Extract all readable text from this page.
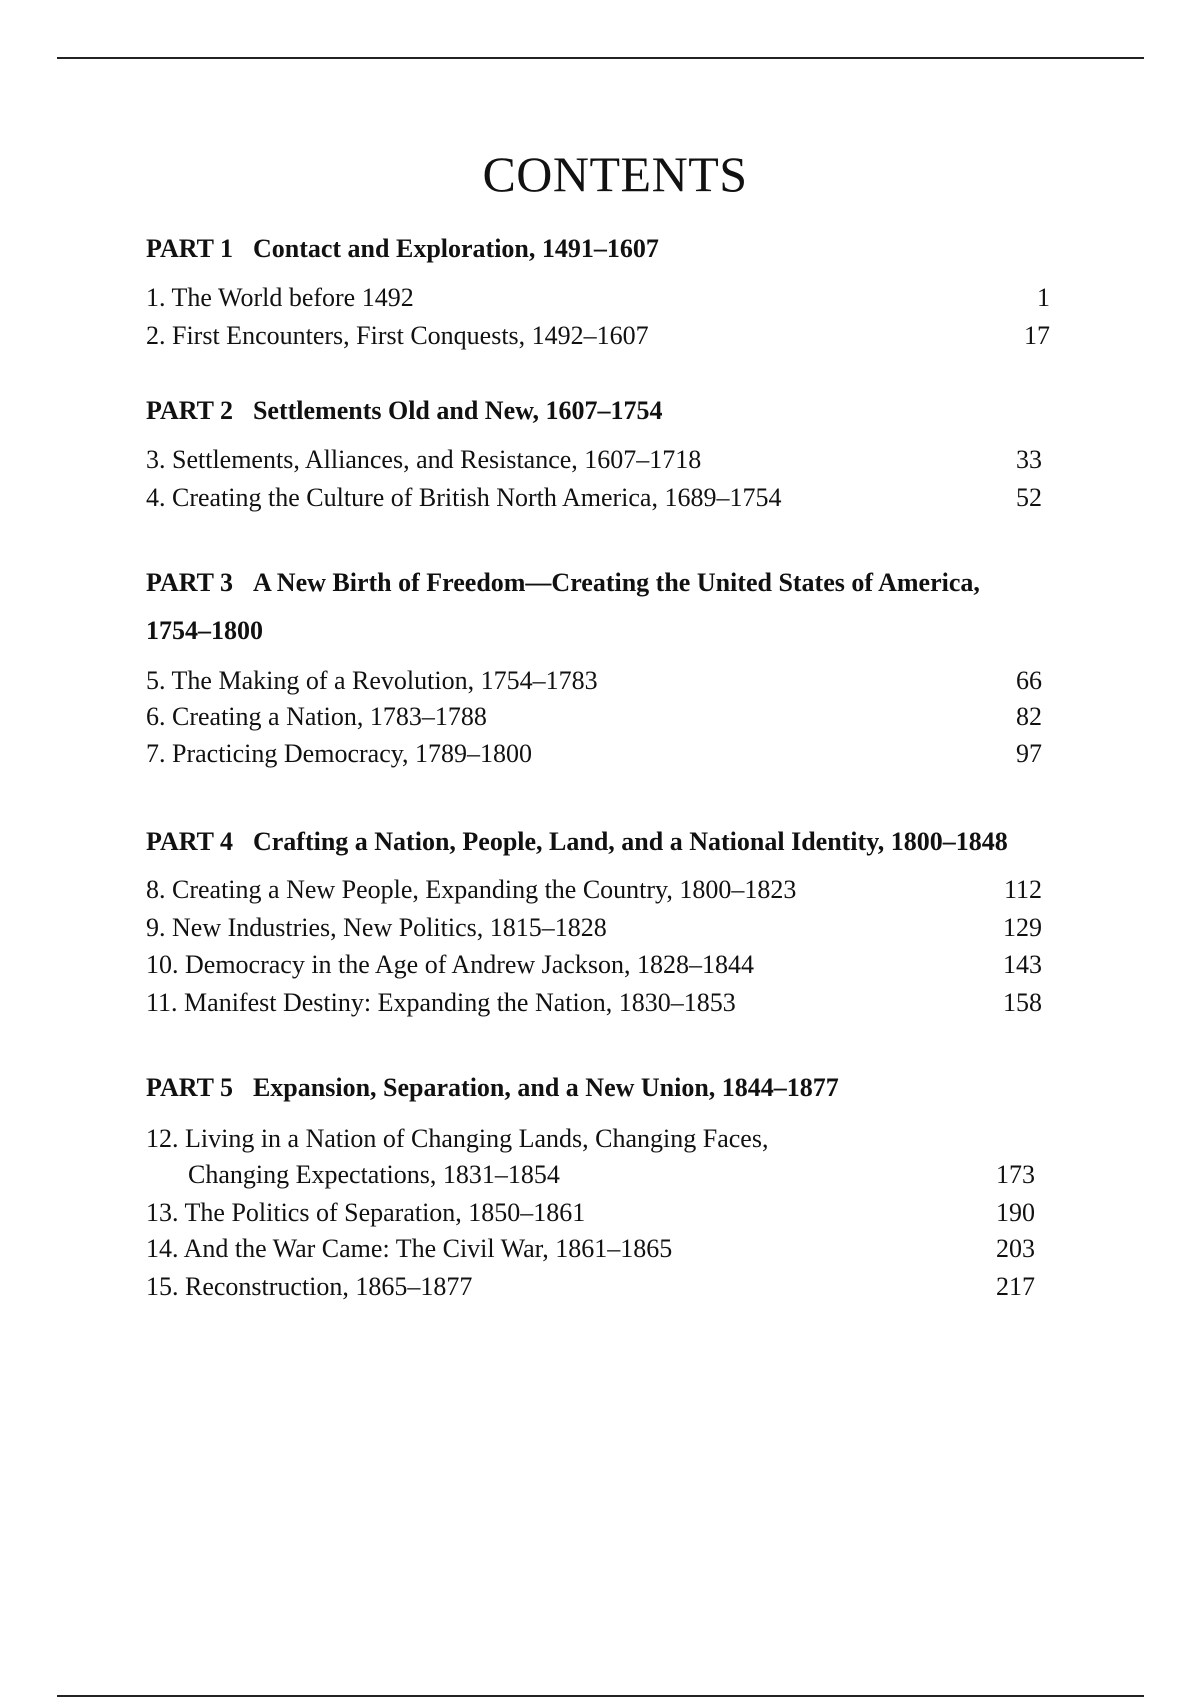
CONTENTS
PART 1 Contact and Exploration, 1491–1607
1. The World before 1492	1
2. First Encounters, First Conquests, 1492–1607	17
PART 2 Settlements Old and New, 1607–1754
3. Settlements, Alliances, and Resistance, 1607–1718	33
4. Creating the Culture of British North America, 1689–1754	52
PART 3 A New Birth of Freedom—Creating the United States of America,
1754–1800
5. The Making of a Revolution, 1754–1783	66
6. Creating a Nation, 1783–1788	82
7. Practicing Democracy, 1789–1800	97
PART 4 Crafting a Nation, People, Land, and a National Identity, 1800–1848
8. Creating a New People, Expanding the Country, 1800–1823	112
9. New Industries, New Politics, 1815–1828	129
10. Democracy in the Age of Andrew Jackson, 1828–1844	143
11. Manifest Destiny: Expanding the Nation, 1830–1853	158
PART 5 Expansion, Separation, and a New Union, 1844–1877
12. Living in a Nation of Changing Lands, Changing Faces,
Changing Expectations, 1831–1854	173
13. The Politics of Separation, 1850–1861	190
14. And the War Came: The Civil War, 1861–1865	203
15. Reconstruction, 1865–1877	217
